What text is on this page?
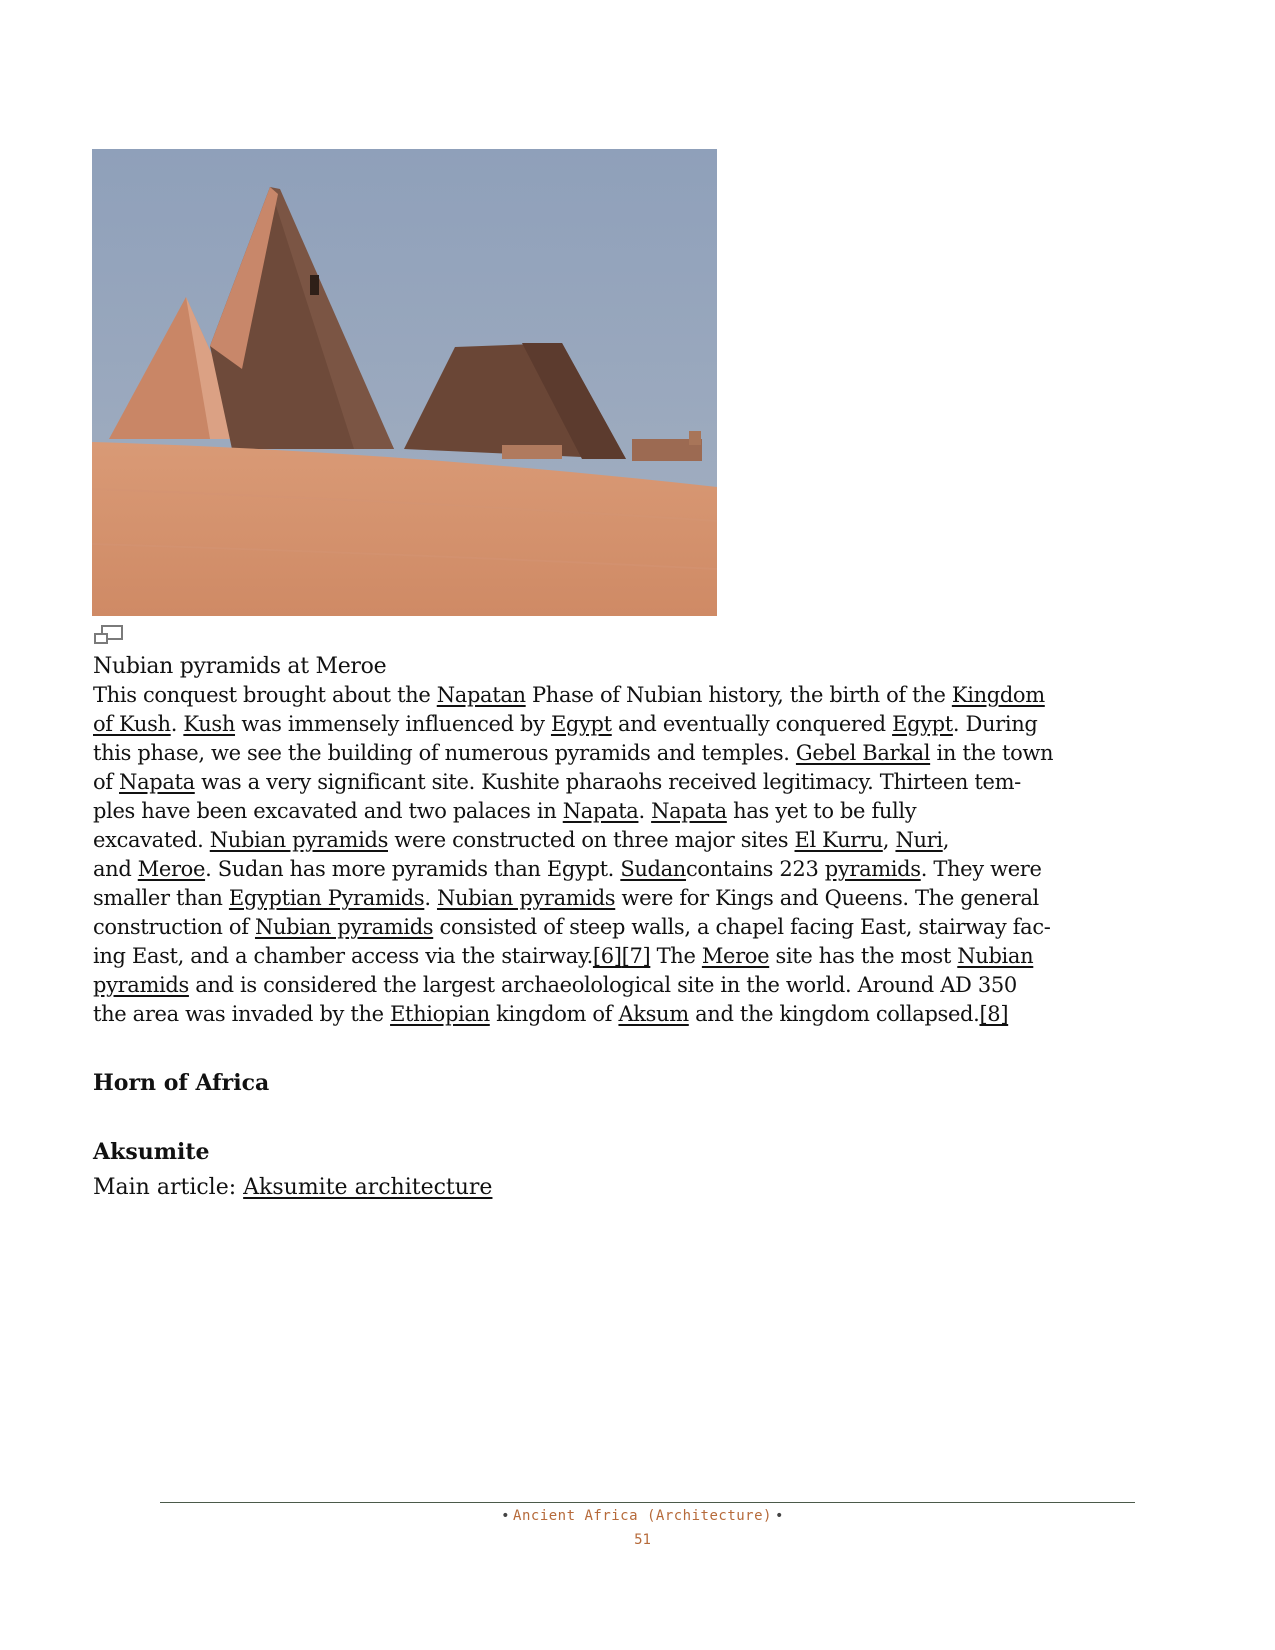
Nubian pyramids at Meroe

This conquest brought about the Napatan Phase of Nubian history, the birth of the Kingdom
of Kush. Kush was immensely influenced by Egypt and eventually conquered Egypt. During
this phase, we see the building of numerous pyramids and temples. Gebel Barkal in the town
of Napata was a very significant site. Kushite pharaohs received legitimacy. Thirteen tem-
ples have been excavated and two palaces in Napata. Napata has yet to be fully
excavated. Nubian pyramids were constructed on three major sites El Kurru, Nuri,
and Meroe. Sudan has more pyramids than Egypt. Sudancontains 223 pyramids. They were
smaller than Egyptian Pyramids. Nubian pyramids were for Kings and Queens. The general
construction of Nubian pyramids consisted of steep walls, a chapel facing East, stairway fac-
ing East, and a chamber access via the stairway.[6][7] The Meroe site has the most Nubian
pyramids and is considered the largest archaeolological site in the world. Around AD 350
the area was invaded by the Ethiopian kingdom of Aksum and the kingdom collapsed.[8]

Horn of Africa
Aksumite
Main article: Aksumite architecture
• Ancient Africa (Architecture) •
51
